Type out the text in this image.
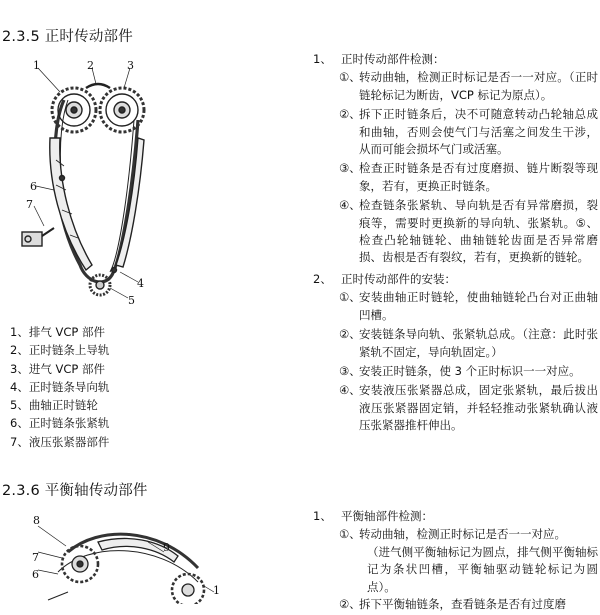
2.3.5 正时传动部件
1	2	3
4
5
6
7
1、排气 VCP 部件
2、正时链条上导轨
3、进气 VCP 部件
4、正时链条导向轨
5、曲轴正时链轮
6、正时链条张紧轨
7、液压张紧器部件
1、 正时传动部件检测：
①、
转动曲轴，检测正时标记是否一一对应。（正时链轮标记为断齿，VCP 标记为原点）。
②、
拆下正时链条后，决不可随意转动凸轮轴总成和曲轴，否则会使气门与活塞之间发生干涉，从而可能会损坏气门或活塞。
③、
检查正时链条是否有过度磨损、链片断裂等现象，若有，更换正时链条。
④、
检查链条张紧轨、导向轨是否有异常磨损，裂痕等，需要时更换新的导向轨、张紧轨。⑤、检查凸轮轴链轮、曲轴链轮齿面是否异常磨损、齿根是否有裂纹，若有，更换新的链轮。
2、 正时传动部件的安装：
①、
安装曲轴正时链轮，使曲轴链轮凸台对正曲轴凹槽。
②、
安装链条导向轨、张紧轨总成。（注意：此时张紧轨不固定，导向轨固定。）
③、
安装正时链条，使 3 个正时标识一一对应。
④、
安装液压张紧器总成，固定张紧轨，最后拔出液压张紧器固定销，并轻轻推动张紧轨确认液压张紧器推杆伸出。
2.3.6 平衡轴传动部件
8
7
6
9
1
1、 平衡轴部件检测：
①、
转动曲轴，检测正时标记是否一一对应。
（进气侧平衡轴标记为圆点，排气侧平衡轴标记为条状凹槽，平衡轴驱动链轮标记为圆点）。
②、
拆下平衡轴链条，查看链条是否有过度磨
